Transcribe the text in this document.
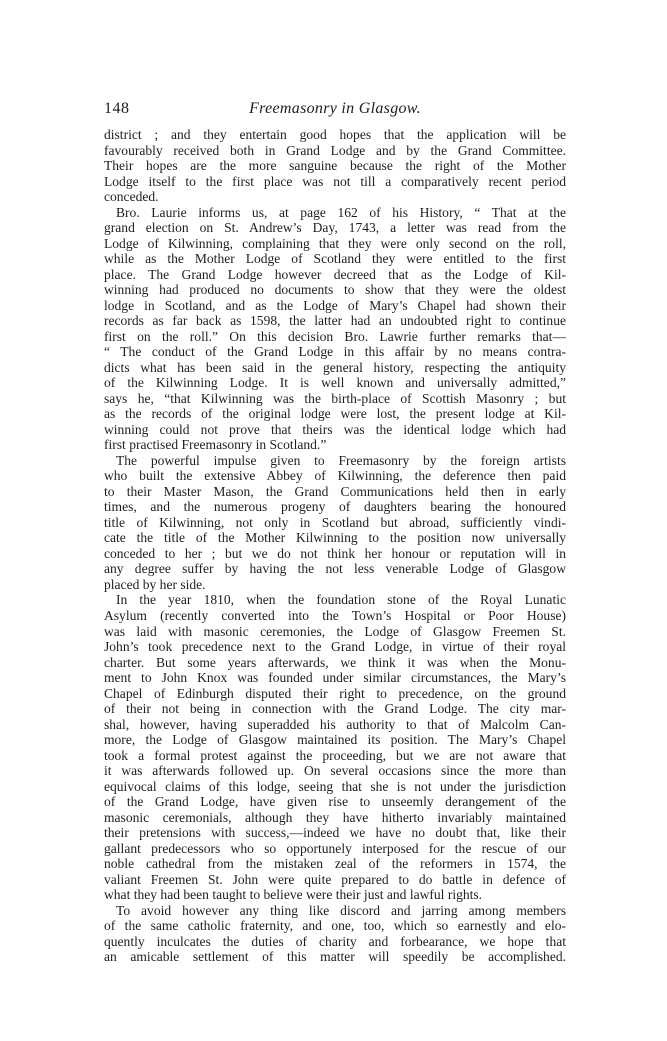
148	Freemasonry in Glasgow.
district ; and they entertain good hopes that the application will be
favourably received both in Grand Lodge and by the Grand Committee.
Their hopes are the more sanguine because the right of the Mother
Lodge itself to the first place was not till a comparatively recent period
conceded.
Bro. Laurie informs us, at page 162 of his History, “ That at the
grand election on St. Andrew’s Day, 1743, a letter was read from the
Lodge of Kilwinning, complaining that they were only second on the roll,
while as the Mother Lodge of Scotland they were entitled to the first
place. The Grand Lodge however decreed that as the Lodge of Kil-
winning had produced no documents to show that they were the oldest
lodge in Scotland, and as the Lodge of Mary’s Chapel had shown their
records as far back as 1598, the latter had an undoubted right to continue
first on the roll.” On this decision Bro. Lawrie further remarks that—
“ The conduct of the Grand Lodge in this affair by no means contra-
dicts what has been said in the general history, respecting the antiquity
of the Kilwinning Lodge. It is well known and universally admitted,”
says he, “that Kilwinning was the birth-place of Scottish Masonry ; but
as the records of the original lodge were lost, the present lodge at Kil-
winning could not prove that theirs was the identical lodge which had
first practised Freemasonry in Scotland.”
The powerful impulse given to Freemasonry by the foreign artists
who built the extensive Abbey of Kilwinning, the deference then paid
to their Master Mason, the Grand Communications held then in early
times, and the numerous progeny of daughters bearing the honoured
title of Kilwinning, not only in Scotland but abroad, sufficiently vindi-
cate the title of the Mother Kilwinning to the position now universally
conceded to her ; but we do not think her honour or reputation will in
any degree suffer by having the not less venerable Lodge of Glasgow
placed by her side.
In the year 1810, when the foundation stone of the Royal Lunatic
Asylum (recently converted into the Town’s Hospital or Poor House)
was laid with masonic ceremonies, the Lodge of Glasgow Freemen St.
John’s took precedence next to the Grand Lodge, in virtue of their royal
charter. But some years afterwards, we think it was when the Monu-
ment to John Knox was founded under similar circumstances, the Mary’s
Chapel of Edinburgh disputed their right to precedence, on the ground
of their not being in connection with the Grand Lodge. The city mar-
shal, however, having superadded his authority to that of Malcolm Can-
more, the Lodge of Glasgow maintained its position. The Mary’s Chapel
took a formal protest against the proceeding, but we are not aware that
it was afterwards followed up. On several occasions since the more than
equivocal claims of this lodge, seeing that she is not under the jurisdiction
of the Grand Lodge, have given rise to unseemly derangement of the
masonic ceremonials, although they have hitherto invariably maintained
their pretensions with success,—indeed we have no doubt that, like their
gallant predecessors who so opportunely interposed for the rescue of our
noble cathedral from the mistaken zeal of the reformers in 1574, the
valiant Freemen St. John were quite prepared to do battle in defence of
what they had been taught to believe were their just and lawful rights.
To avoid however any thing like discord and jarring among members
of the same catholic fraternity, and one, too, which so earnestly and elo-
quently inculcates the duties of charity and forbearance, we hope that
an amicable settlement of this matter will speedily be accomplished.
